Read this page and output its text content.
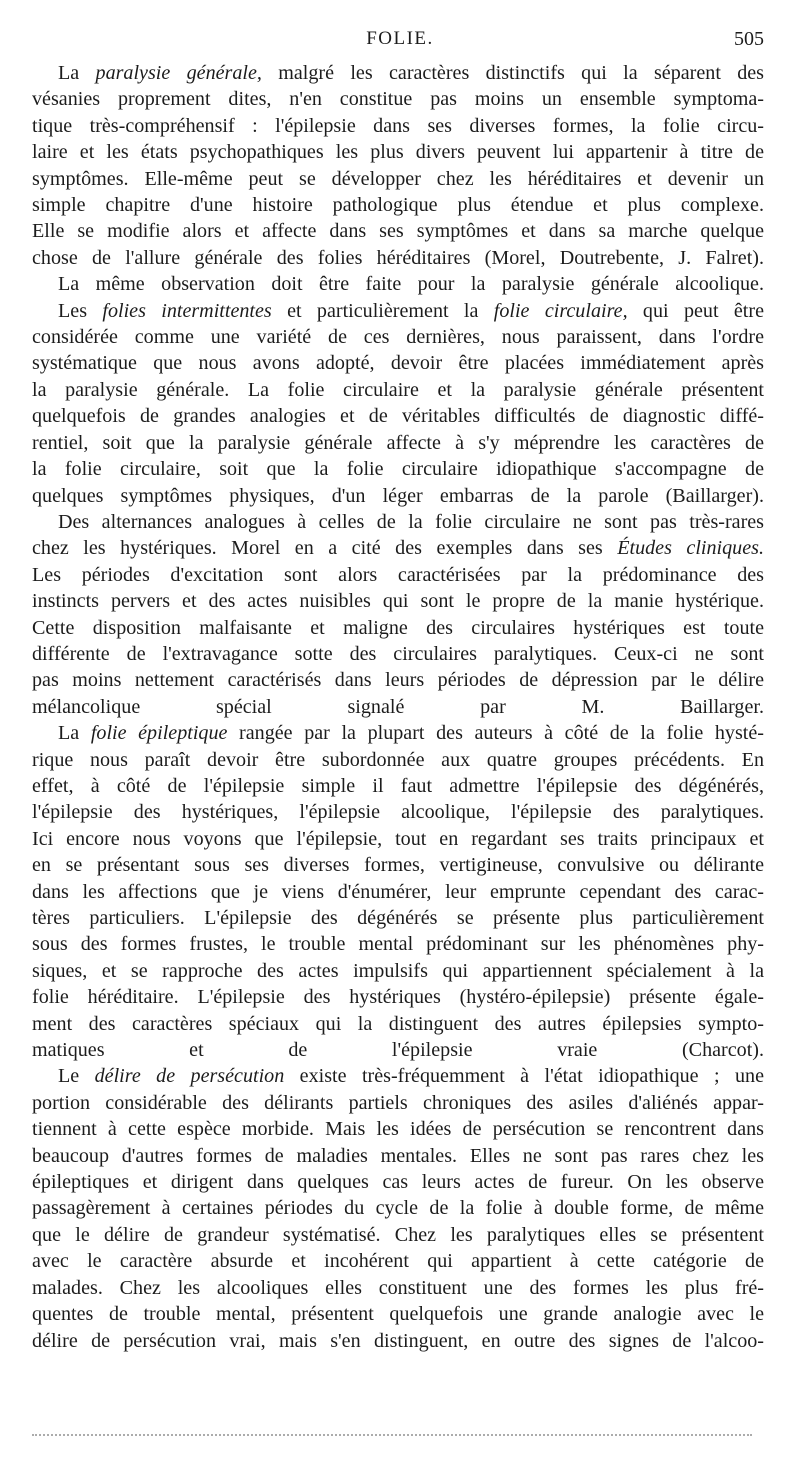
FOLIE.	505

La paralysie générale, malgré les caractères distinctifs qui la séparent des

vésanies proprement dites, n'en constitue pas moins un ensemble symptoma-

tique très-compréhensif : l'épilepsie dans ses diverses formes, la folie circu-

laire et les états psychopathiques les plus divers peuvent lui appartenir à titre de

symptômes. Elle-même peut se développer chez les héréditaires et devenir un

simple chapitre d'une histoire pathologique plus étendue et plus complexe.

Elle se modifie alors et affecte dans ses symptômes et dans sa marche quelque

chose de l'allure générale des folies héréditaires (Morel, Doutrebente, J. Falret).

La même observation doit être faite pour la paralysie générale alcoolique.

Les folies intermittentes et particulièrement la folie circulaire, qui peut être

considérée comme une variété de ces dernières, nous paraissent, dans l'ordre

systématique que nous avons adopté, devoir être placées immédiatement après

la paralysie générale. La folie circulaire et la paralysie générale présentent

quelquefois de grandes analogies et de véritables difficultés de diagnostic diffé-

rentiel, soit que la paralysie générale affecte à s'y méprendre les caractères de

la folie circulaire, soit que la folie circulaire idiopathique s'accompagne de

quelques symptômes physiques, d'un léger embarras de la parole (Baillarger).

Des alternances analogues à celles de la folie circulaire ne sont pas très-rares

chez les hystériques. Morel en a cité des exemples dans ses Études cliniques.

Les périodes d'excitation sont alors caractérisées par la prédominance des

instincts pervers et des actes nuisibles qui sont le propre de la manie hystérique.

Cette disposition malfaisante et maligne des circulaires hystériques est toute

différente de l'extravagance sotte des circulaires paralytiques. Ceux-ci ne sont

pas moins nettement caractérisés dans leurs périodes de dépression par le délire

mélancolique spécial signalé par M. Baillarger.

La folie épileptique rangée par la plupart des auteurs à côté de la folie hysté-

rique nous paraît devoir être subordonnée aux quatre groupes précédents. En

effet, à côté de l'épilepsie simple il faut admettre l'épilepsie des dégénérés,

l'épilepsie des hystériques, l'épilepsie alcoolique, l'épilepsie des paralytiques.

Ici encore nous voyons que l'épilepsie, tout en regardant ses traits principaux et

en se présentant sous ses diverses formes, vertigineuse, convulsive ou délirante

dans les affections que je viens d'énumérer, leur emprunte cependant des carac-

tères particuliers. L'épilepsie des dégénérés se présente plus particulièrement

sous des formes frustes, le trouble mental prédominant sur les phénomènes phy-

siques, et se rapproche des actes impulsifs qui appartiennent spécialement à la

folie héréditaire. L'épilepsie des hystériques (hystéro-épilepsie) présente égale-

ment des caractères spéciaux qui la distinguent des autres épilepsies sympto-

matiques et de l'épilepsie vraie (Charcot).

Le délire de persécution existe très-fréquemment à l'état idiopathique ; une

portion considérable des délirants partiels chroniques des asiles d'aliénés appar-

tiennent à cette espèce morbide. Mais les idées de persécution se rencontrent dans

beaucoup d'autres formes de maladies mentales. Elles ne sont pas rares chez les

épileptiques et dirigent dans quelques cas leurs actes de fureur. On les observe

passagèrement à certaines périodes du cycle de la folie à double forme, de même

que le délire de grandeur systématisé. Chez les paralytiques elles se présentent

avec le caractère absurde et incohérent qui appartient à cette catégorie de

malades. Chez les alcooliques elles constituent une des formes les plus fré-

quentes de trouble mental, présentent quelquefois une grande analogie avec le

délire de persécution vrai, mais s'en distinguent, en outre des signes de l'alcoo-
